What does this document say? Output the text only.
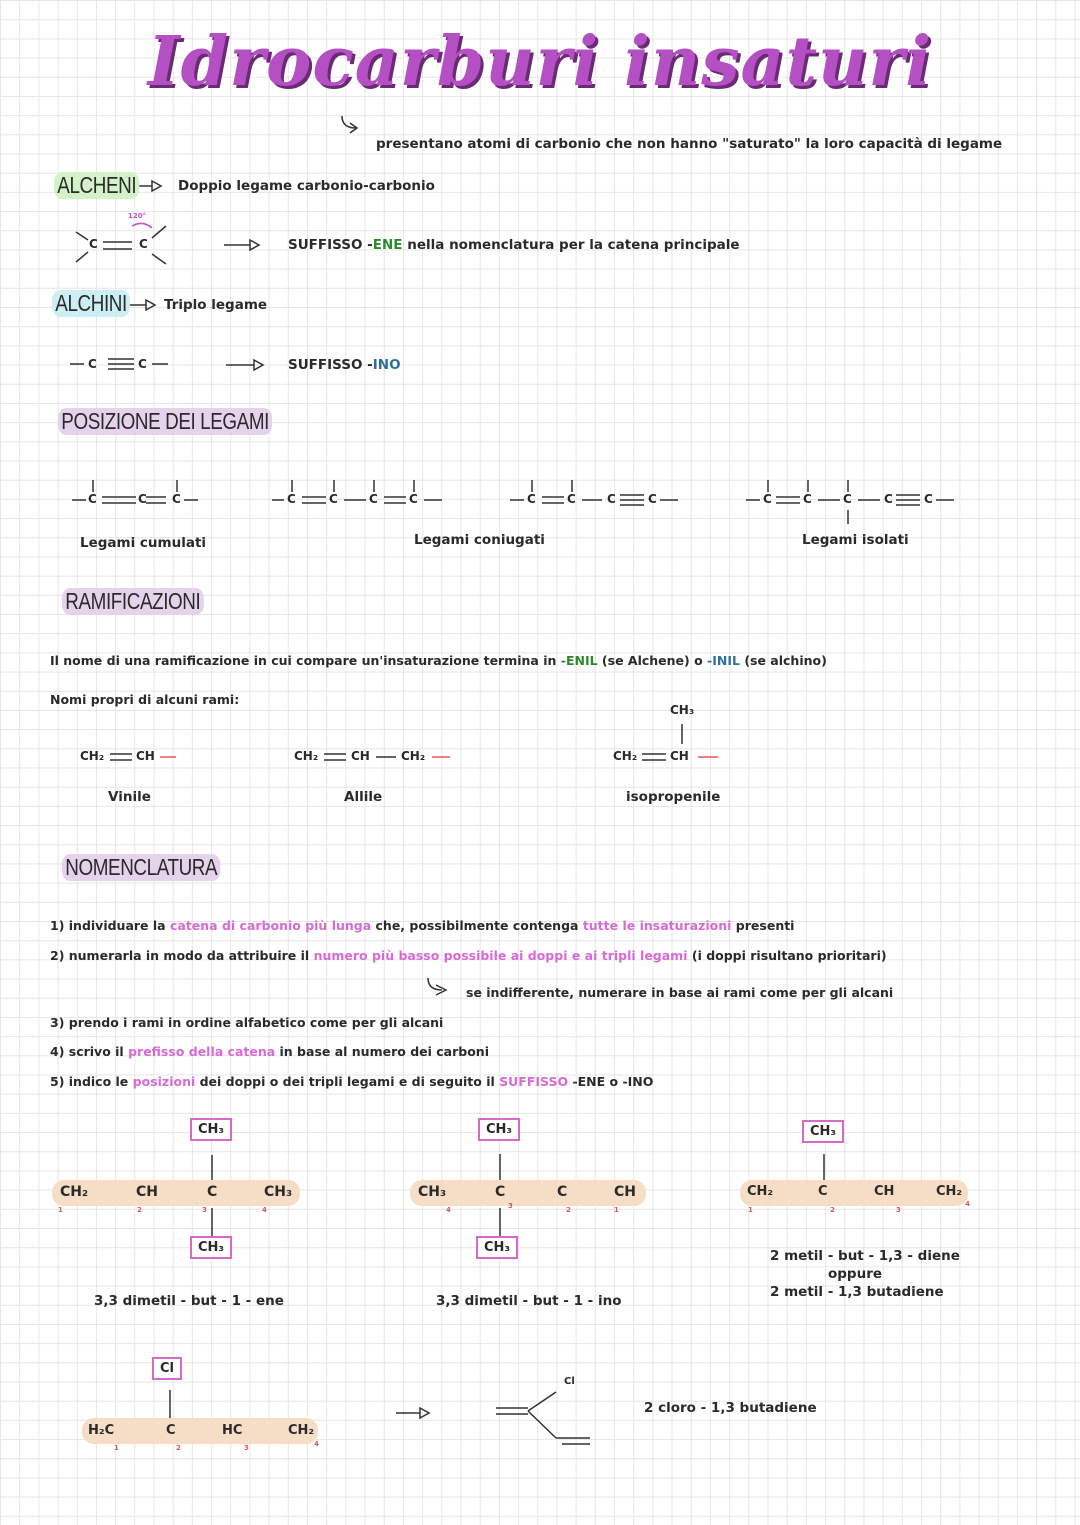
Idrocarburi insaturi
presentano atomi di carbonio che non hanno "saturato" la loro capacità di legame
ALCHENI	Doppio legame carbonio-carbonio
120°
C	C	SUFFISSO -ENE nella nomenclatura per la catena principale
ALCHINI	Triplo legame
C	C	SUFFISSO -INO
POSIZIONE DEI LEGAMI
C	C C	C	C	C	C	C	C	C	C	C	C	C	C	C
Legami cumulati	Legami coniugati	Legami isolati
RAMIFICAZIONI
Il nome di una ramificazione in cui compare un'insaturazione termina in -ENIL (se Alchene) o -INIL (se alchino)
Nomi propri di alcuni rami:
CH₂	CH
Vinile
CH₂	CH	CH₂
Allile
CH₃
CH₂	CH
isopropenile
NOMENCLATURA
1) individuare la catena di carbonio più lunga che, possibilmente contenga tutte le insaturazioni presenti
2) numerarla in modo da attribuire il numero più basso possibile ai doppi e ai tripli legami (i doppi risultano prioritari)
se indifferente, numerare in base ai rami come per gli alcani
3) prendo i rami in ordine alfabetico come per gli alcani
4) scrivo il prefisso della catena in base al numero dei carboni
5) indico le posizioni dei doppi o dei tripli legami e di seguito il SUFFISSO -ENE o -INO
CH₃
CH₃
CH₂	CH	C	CH₃
1	2	3	4
3,3 dimetil - but - 1 - ene
CH₃
CH₃
CH₃	C	C	CH
4	3	2	1
3,3 dimetil - but - 1 - ino
CH₃
CH₂	C	CH	CH₂
1	2	3
4
2 metil - but - 1,3 - diene
oppure
2 metil - 1,3 butadiene
Cl
H₂C	C	HC	CH₂
1	2	3	4
Cl
2 cloro - 1,3 butadiene
